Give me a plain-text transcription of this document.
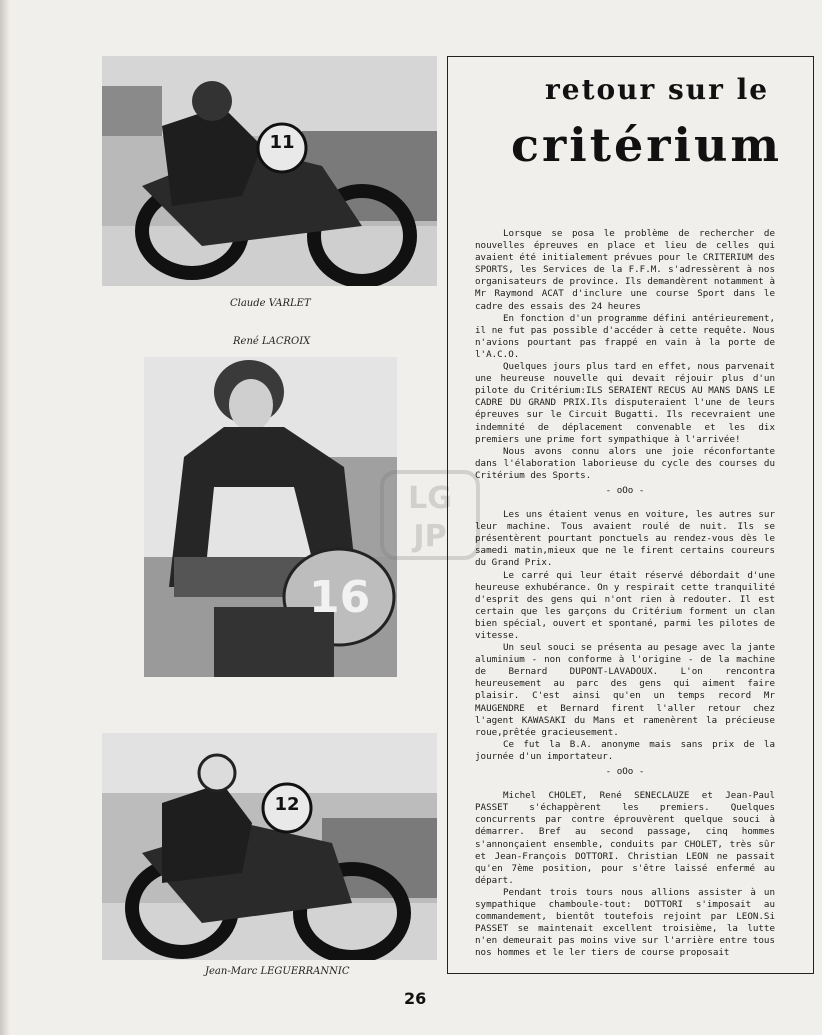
11
Claude VARLET
René LACROIX
16
12
Jean-Marc LEGUERRANNIC
LG
JP
retour sur le
critérium

Lorsque se posa le problème de rechercher de nouvelles épreuves en place et lieu de celles qui avaient été initialement prévues pour le CRITERIUM des SPORTS, les Services de la F.F.M. s'adressèrent à nos organisateurs de province. Ils demandèrent notamment à Mr Raymond ACAT d'inclure une course Sport dans le cadre des essais des 24 heures

En fonction d'un programme défini antérieurement, il ne fut pas possible d'accéder à cette requête. Nous n'avions pourtant pas frappé en vain à la porte de l'A.C.O.

Quelques jours plus tard en effet, nous parvenait une heureuse nouvelle qui devait réjouir plus d'un pilote du Critérium:ILS SERAIENT RECUS AU MANS DANS LE CADRE DU GRAND PRIX.Ils disputeraient l'une de leurs épreuves sur le Circuit Bugatti. Ils recevraient une indemnité de déplacement convenable et les dix premiers une prime fort sympathique à l'arrivée!

Nous avons connu alors une joie réconfortante dans l'élaboration laborieuse du cycle des courses du Critérium des Sports.

- oOo -

Les uns étaient venus en voiture, les autres sur leur machine. Tous avaient roulé de nuit. Ils se présentèrent pourtant ponctuels au rendez-vous dès le samedi matin,mieux que ne le firent certains coureurs du Grand Prix.

Le carré qui leur était réservé débordait d'une heureuse exhubérance. On y respirait cette tranquilité d'esprit des gens qui n'ont rien à redouter. Il est certain que les garçons du Critérium forment un clan bien spécial, ouvert et spontané, parmi les pilotes de vitesse.

Un seul souci se présenta au pesage avec la jante aluminium - non conforme à l'origine - de la machine de Bernard DUPONT-LAVADOUX. L'on rencontra heureusement au parc des gens qui aiment faire plaisir. C'est ainsi qu'en un temps record Mr MAUGENDRE et Bernard firent l'aller retour chez l'agent KAWASAKI du Mans et ramenèrent la précieuse roue,prêtée gracieusement.

Ce fut la B.A. anonyme mais sans prix de la journée d'un importateur.

- oOo -

Michel CHOLET, René SENECLAUZE et Jean-Paul PASSET s'échappèrent les premiers. Quelques concurrents par contre éprouvèrent quelque souci à démarrer. Bref au second passage, cinq hommes s'annonçaient ensemble, conduits par CHOLET, très sûr et Jean-François DOTTORI. Christian LEON ne passait qu'en 7ème position, pour s'être laissé enfermé au départ.

Pendant trois tours nous allions assister à un sympathique chamboule-tout: DOTTORI s'imposait au commandement, bientôt toutefois rejoint par LEON.Si PASSET se maintenait excellent troisième, la lutte n'en demeurait pas moins vive sur l'arrière entre tous nos hommes et le ler tiers de course proposait

26
